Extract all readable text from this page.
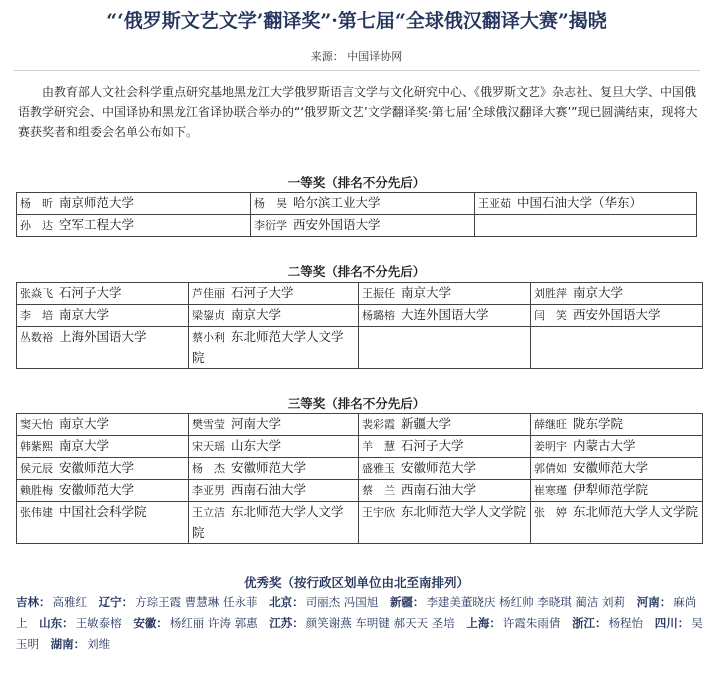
“‘俄罗斯文艺文学’翻译奖”·第七届“全球俄汉翻译大赛”揭晓
来源： 中国译协网

由教育部人文社会科学重点研究基地黑龙江大学俄罗斯语言文学与文化研究中心、《俄罗斯文艺》杂志社、复旦大学、中国俄语教学研究会、中国译协和黑龙江省译协联合举办的“‘俄罗斯文艺’文学翻译奖·第七届‘全球俄汉翻译大赛’”现已圆满结束，现将大赛获奖者和组委会名单公布如下。

一等奖（排名不分先后）
杨　昕 南京师范大学	杨　昊 哈尔滨工业大学	王亚茹 中国石油大学（华东）
孙　达 空军工程大学	李衍学 西安外国语大学	
二等奖（排名不分先后）
张焱飞 石河子大学	芦佳丽 石河子大学	王振任 南京大学	刘胜萍 南京大学
李　培 南京大学	梁鋆贞 南京大学	杨璐榕 大连外国语大学	闫　笑 西安外国语大学
丛数裕 上海外国语大学	蔡小利 东北师范大学人文学院		
三等奖（排名不分先后）
窦天怡 南京大学	樊雪莹 河南大学	裴彩霞 新疆大学	薛继旺 陇东学院
韩紫熙 南京大学	宋天瑶 山东大学	羊　慧 石河子大学	姜明宇 内蒙古大学
侯元辰 安徽师范大学	杨　杰 安徽师范大学	盛雅玉 安徽师范大学	郭倩如 安徽师范大学
赖胜梅 安徽师范大学	李亚男 西南石油大学	蔡　兰 西南石油大学	崔寒瑾 伊犁师范学院
张伟建 中国社会科学院	王立洁 东北师范大学人文学院	王宇欣 东北师范大学人文学院	张　婷 东北师范大学人文学院
优秀奖（按行政区划单位由北至南排列）
吉林： 高雅红 辽宁： 方琮王霞 曹慧琳 任永菲 北京： 司丽杰 冯国旭 新疆： 李建美董晓庆 杨红帅 李晓琪 蔺洁 刘莉 河南： 麻尚上 山东： 王敏泰榕 安徽： 杨红丽 许涛 郭惠 江苏： 颜笑谢燕 车明键 郝天天 圣培 上海： 许霞朱雨倩 浙江： 杨程怡 四川： 吴玉明 湖南： 刘维
